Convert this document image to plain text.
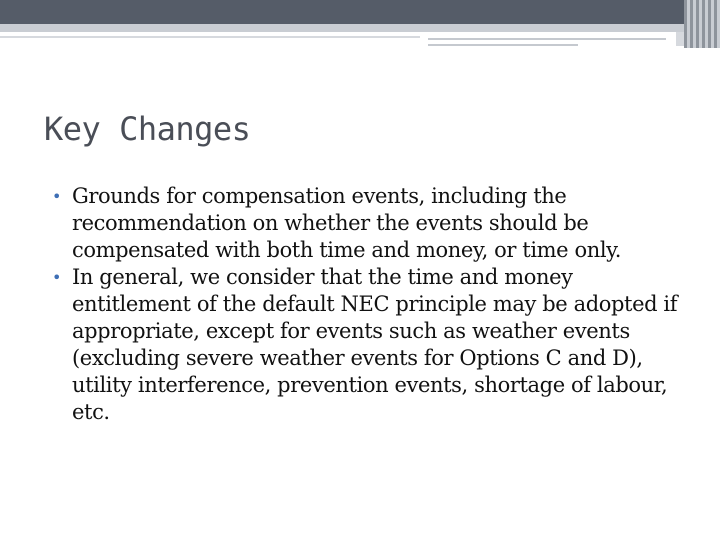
Key Changes
• Grounds for compensation events, including the recommendation on whether the events should be compensated with both time and money, or time only.
• In general, we consider that the time and money entitlement of the default NEC principle may be adopted if appropriate, except for events such as weather events (excluding severe weather events for Options C and D), utility interference, prevention events, shortage of labour, etc.
